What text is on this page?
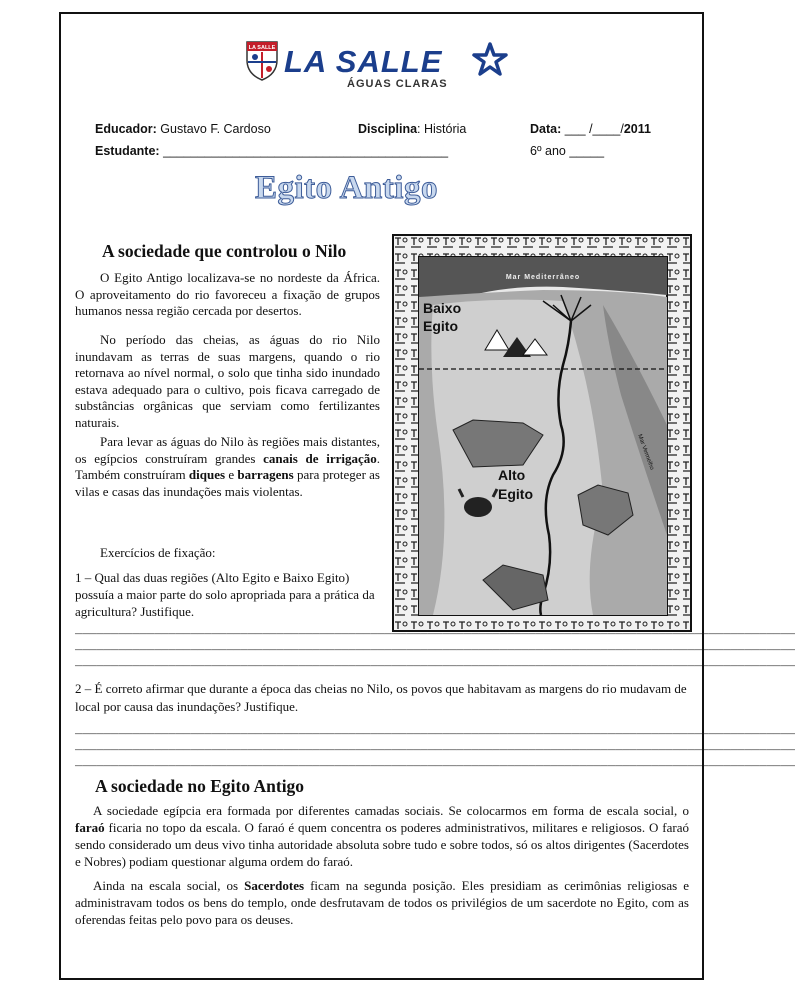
LA SALLE LA SALLE
ÁGUAS CLARAS
Educador: Gustavo F. Cardoso	Disciplina: História	Data: ___ /____/2011
Estudante: _________________________________________	6º ano _____
Egito Antigo
A sociedade que controlou o Nilo

O Egito Antigo localizava-se no nordeste da África. O aproveitamento do rio favoreceu a fixação de grupos humanos nessa região cercada por desertos.

No período das cheias, as águas do rio Nilo inundavam as terras de suas margens, quando o rio retornava ao nível normal, o solo que tinha sido inundado estava adequado para o cultivo, pois ficava carregado de substâncias orgânicas que serviam como fertilizantes naturais.

Para levar as águas do Nilo às regiões mais distantes, os egípcios construíram grandes canais de irrigação. Também construíram diques e barragens para proteger as vilas e casas das inundações mais violentas.

Mar Mediterrâneo
Mar Vermelho
Baixo
Egito
Alto
Egito
Exercícios de fixação:

1 – Qual das duas regiões (Alto Egito e Baixo Egito) possuía a maior parte do solo apropriada para a prática da agricultura? Justifique.

____________________________________________________________________________________________________
____________________________________________________________________________________________________
____________________________________________________________________________________________________

2 – É correto afirmar que durante a época das cheias no Nilo, os povos que habitavam as margens do rio mudavam de local por causa das inundações? Justifique.

____________________________________________________________________________________________________
____________________________________________________________________________________________________
____________________________________________________________________________________________________
A sociedade no Egito Antigo

A sociedade egípcia era formada por diferentes camadas sociais. Se colocarmos em forma de escala social, o faraó ficaria no topo da escala. O faraó é quem concentra os poderes administrativos, militares e religiosos. O faraó sendo considerado um deus vivo tinha autoridade absoluta sobre tudo e sobre todos, só os altos dirigentes (Sacerdotes e Nobres) podiam questionar alguma ordem do faraó.

Ainda na escala social, os Sacerdotes ficam na segunda posição. Eles presidiam as cerimônias religiosas e administravam todos os bens do templo, onde desfrutavam de todos os privilégios de um sacerdote no Egito, com as oferendas feitas pelo povo para os deuses.
